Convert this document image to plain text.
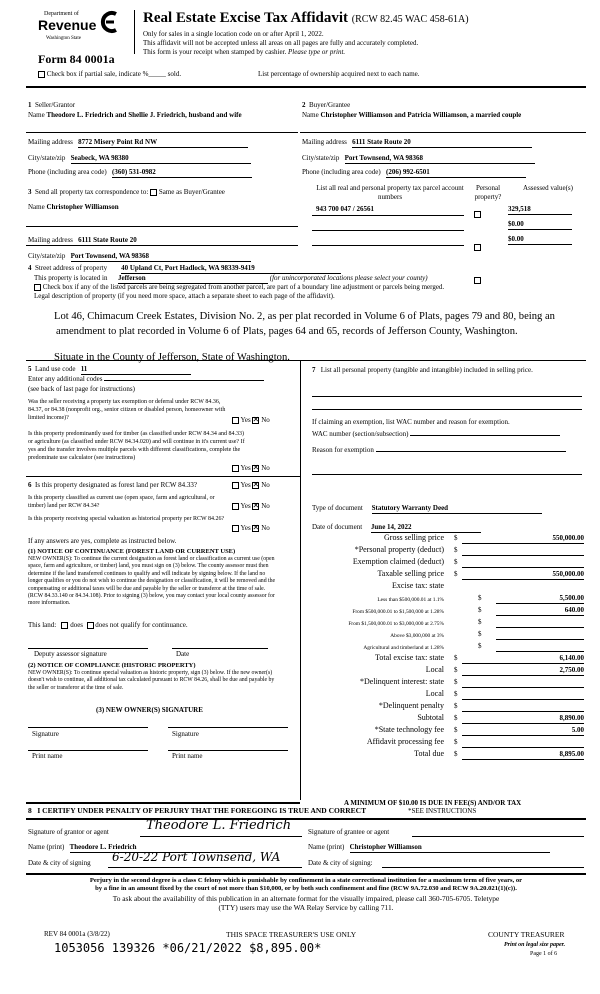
Department of
Revenue
Washington State
Form 84 0001a
Real Estate Excise Tax Affidavit (RCW 82.45 WAC 458-61A)
Only for sales in a single location code on or after April 1, 2022.
This affidavit will not be accepted unless all areas on all pages are fully and accurately completed.
This form is your receipt when stamped by cashier. Please type or print.
Check box if partial sale, indicate %_____ sold.	List percentage of ownership acquired next to each name.
1 Seller/Grantor
Name Theodore L. Friedrich and Shellie J. Friedrich, husband and wife
Mailing address 8772 Misery Point Rd NW
City/state/zip Seabeck, WA 98380
Phone (including area code) (360) 531-0982
2 Buyer/Grantee
Name Christopher Williamson and Patricia Williamson, a married couple
Mailing address 6111 State Route 20
City/state/zip Port Townsend, WA 98368
Phone (including area code) (206) 992-6501
3 Send all property tax correspondence to: Same as Buyer/Grantee
Name Christopher Williamson
Mailing address 6111 State Route 20
City/state/zip Port Townsend, WA 98368
List all real and personal property tax parcel account numbers
Personal property?
Assessed value(s)
943 700 047 / 26561	329,518
$0.00
$0.00
4 Street address of property 40 Upland Ct, Port Hadlock, WA 98339-9419
This property is located in Jefferson	(for unincorporated locations please select your county)
Check box if any of the listed parcels are being segregated from another parcel, are part of a boundary line adjustment or parcels being merged.
Legal description of property (if you need more space, attach a separate sheet to each page of the affidavit).
Lot 46, Chimacum Creek Estates, Division No. 2, as per plat recorded in Volume 6 of Plats, pages 79 and 80, being an
amendment to plat recorded in Volume 6 of Plats, pages 64 and 65, records of Jefferson County, Washington.
Situate in the County of Jefferson, State of Washington.
5 Land use code 11
Enter any additional codes
(see back of last page for instructions)
Was the seller receiving a property tax exemption or deferral under RCW 84.36, 84.37, or 84.38 (nonprofit org., senior citizen or disabled person, homeowner with limited income)?	Yes ✕ No
Is this property predominantly used for timber (as classified under RCW 84.34 and 84.33) or agriculture (as classified under RCW 84.34.020) and will continue in it's current use? If yes and the transfer involves multiple parcels with different classifications, complete the predominate use calculator (see instructions)
Yes ✕ No
6 Is this property designated as forest land per RCW 84.33?	Yes ✕ No
Is this property classified as current use (open space, farm and agricultural, or timber) land per RCW 84.34?	Yes ✕ No
Is this property receiving special valuation as historical property per RCW 84.26?
Yes ✕ No
If any answers are yes, complete as instructed below.
(1) NOTICE OF CONTINUANCE (FOREST LAND OR CURRENT USE)
NEW OWNER(S): To continue the current designation as forest land or classification as current use (open space, farm and agriculture, or timber) land, you must sign on (3) below. The county assessor must then determine if the land transferred continues to qualify and will indicate by signing below. If the land no longer qualifies or you do not wish to continue the designation or classification, it will be removed and the compensating or additional taxes will be due and payable by the seller or transferor at the time of sale. (RCW 84.33.140 or 84.34.108). Prior to signing (3) below, you may contact your local county assessor for more information.
This land: does does not qualify for continuance.
Deputy assessor signature	Date
(2) NOTICE OF COMPLIANCE (HISTORIC PROPERTY)
NEW OWNER(S): To continue special valuation as historic property, sign (3) below. If the new owner(s) doesn't wish to continue, all additional tax calculated pursuant to RCW 84.26, shall be due and payable by the seller or transferor at the time of sale.
(3) NEW OWNER(S) SIGNATURE
Signature	Signature
Print name	Print name
7 List all personal property (tangible and intangible) included in selling price.
If claiming an exemption, list WAC number and reason for exemption.
WAC number (section/subsection)
Reason for exemption
Type of document Statutory Warranty Deed
Date of document June 14, 2022
Gross selling price $	550,000.00
*Personal property (deduct) $
Exemption claimed (deduct) $
Taxable selling price $	550,000.00
Excise tax: state
Less than $500,000.01 at 1.1%	$	5,500.00
From $500,000.01 to $1,500,000 at 1.28%	$	640.00
From $1,500,000.01 to $3,000,000 at 2.75%	$
Above $3,000,000 at 3%	$
Agricultural and timberland at 1.28%	$
Total excise tax: state $	6,140.00
Local $	2,750.00
*Delinquent interest: state $
Local $
*Delinquent penalty $
Subtotal $	8,890.00
*State technology fee $	5.00
Affidavit processing fee $
Total due $	8,895.00
A MINIMUM OF $10.00 IS DUE IN FEE(S) AND/OR TAX
*SEE INSTRUCTIONS
8   I CERTIFY UNDER PENALTY OF PERJURY THAT THE FOREGOING IS TRUE AND CORRECT
Signature of grantor or agent	Theodore L. Friedrich Signature of grantee or agent
Name (print) Theodore L. Friedrich	Name (print) Christopher Williamson
Date & city of signing 6-20-22 Port Townsend, WA	Date & city of signing:
Perjury in the second degree is a class C felony which is punishable by confinement in a state correctional institution for a maximum term of five years, or
by a fine in an amount fixed by the court of not more than $10,000, or by both such confinement and fine (RCW 9A.72.030 and RCW 9A.20.021(1)(c)).
To ask about the availability of this publication in an alternate format for the visually impaired, please call 360-705-6705. Teletype
(TTY) users may use the WA Relay Service by calling 711.
REV 84 0001a (3/8/22)	THIS SPACE TREASURER'S USE ONLY	COUNTY TREASURER
Print on legal size paper.
Page 1 of 6
1053056 139326 *06/21/2022 $8,895.00*
